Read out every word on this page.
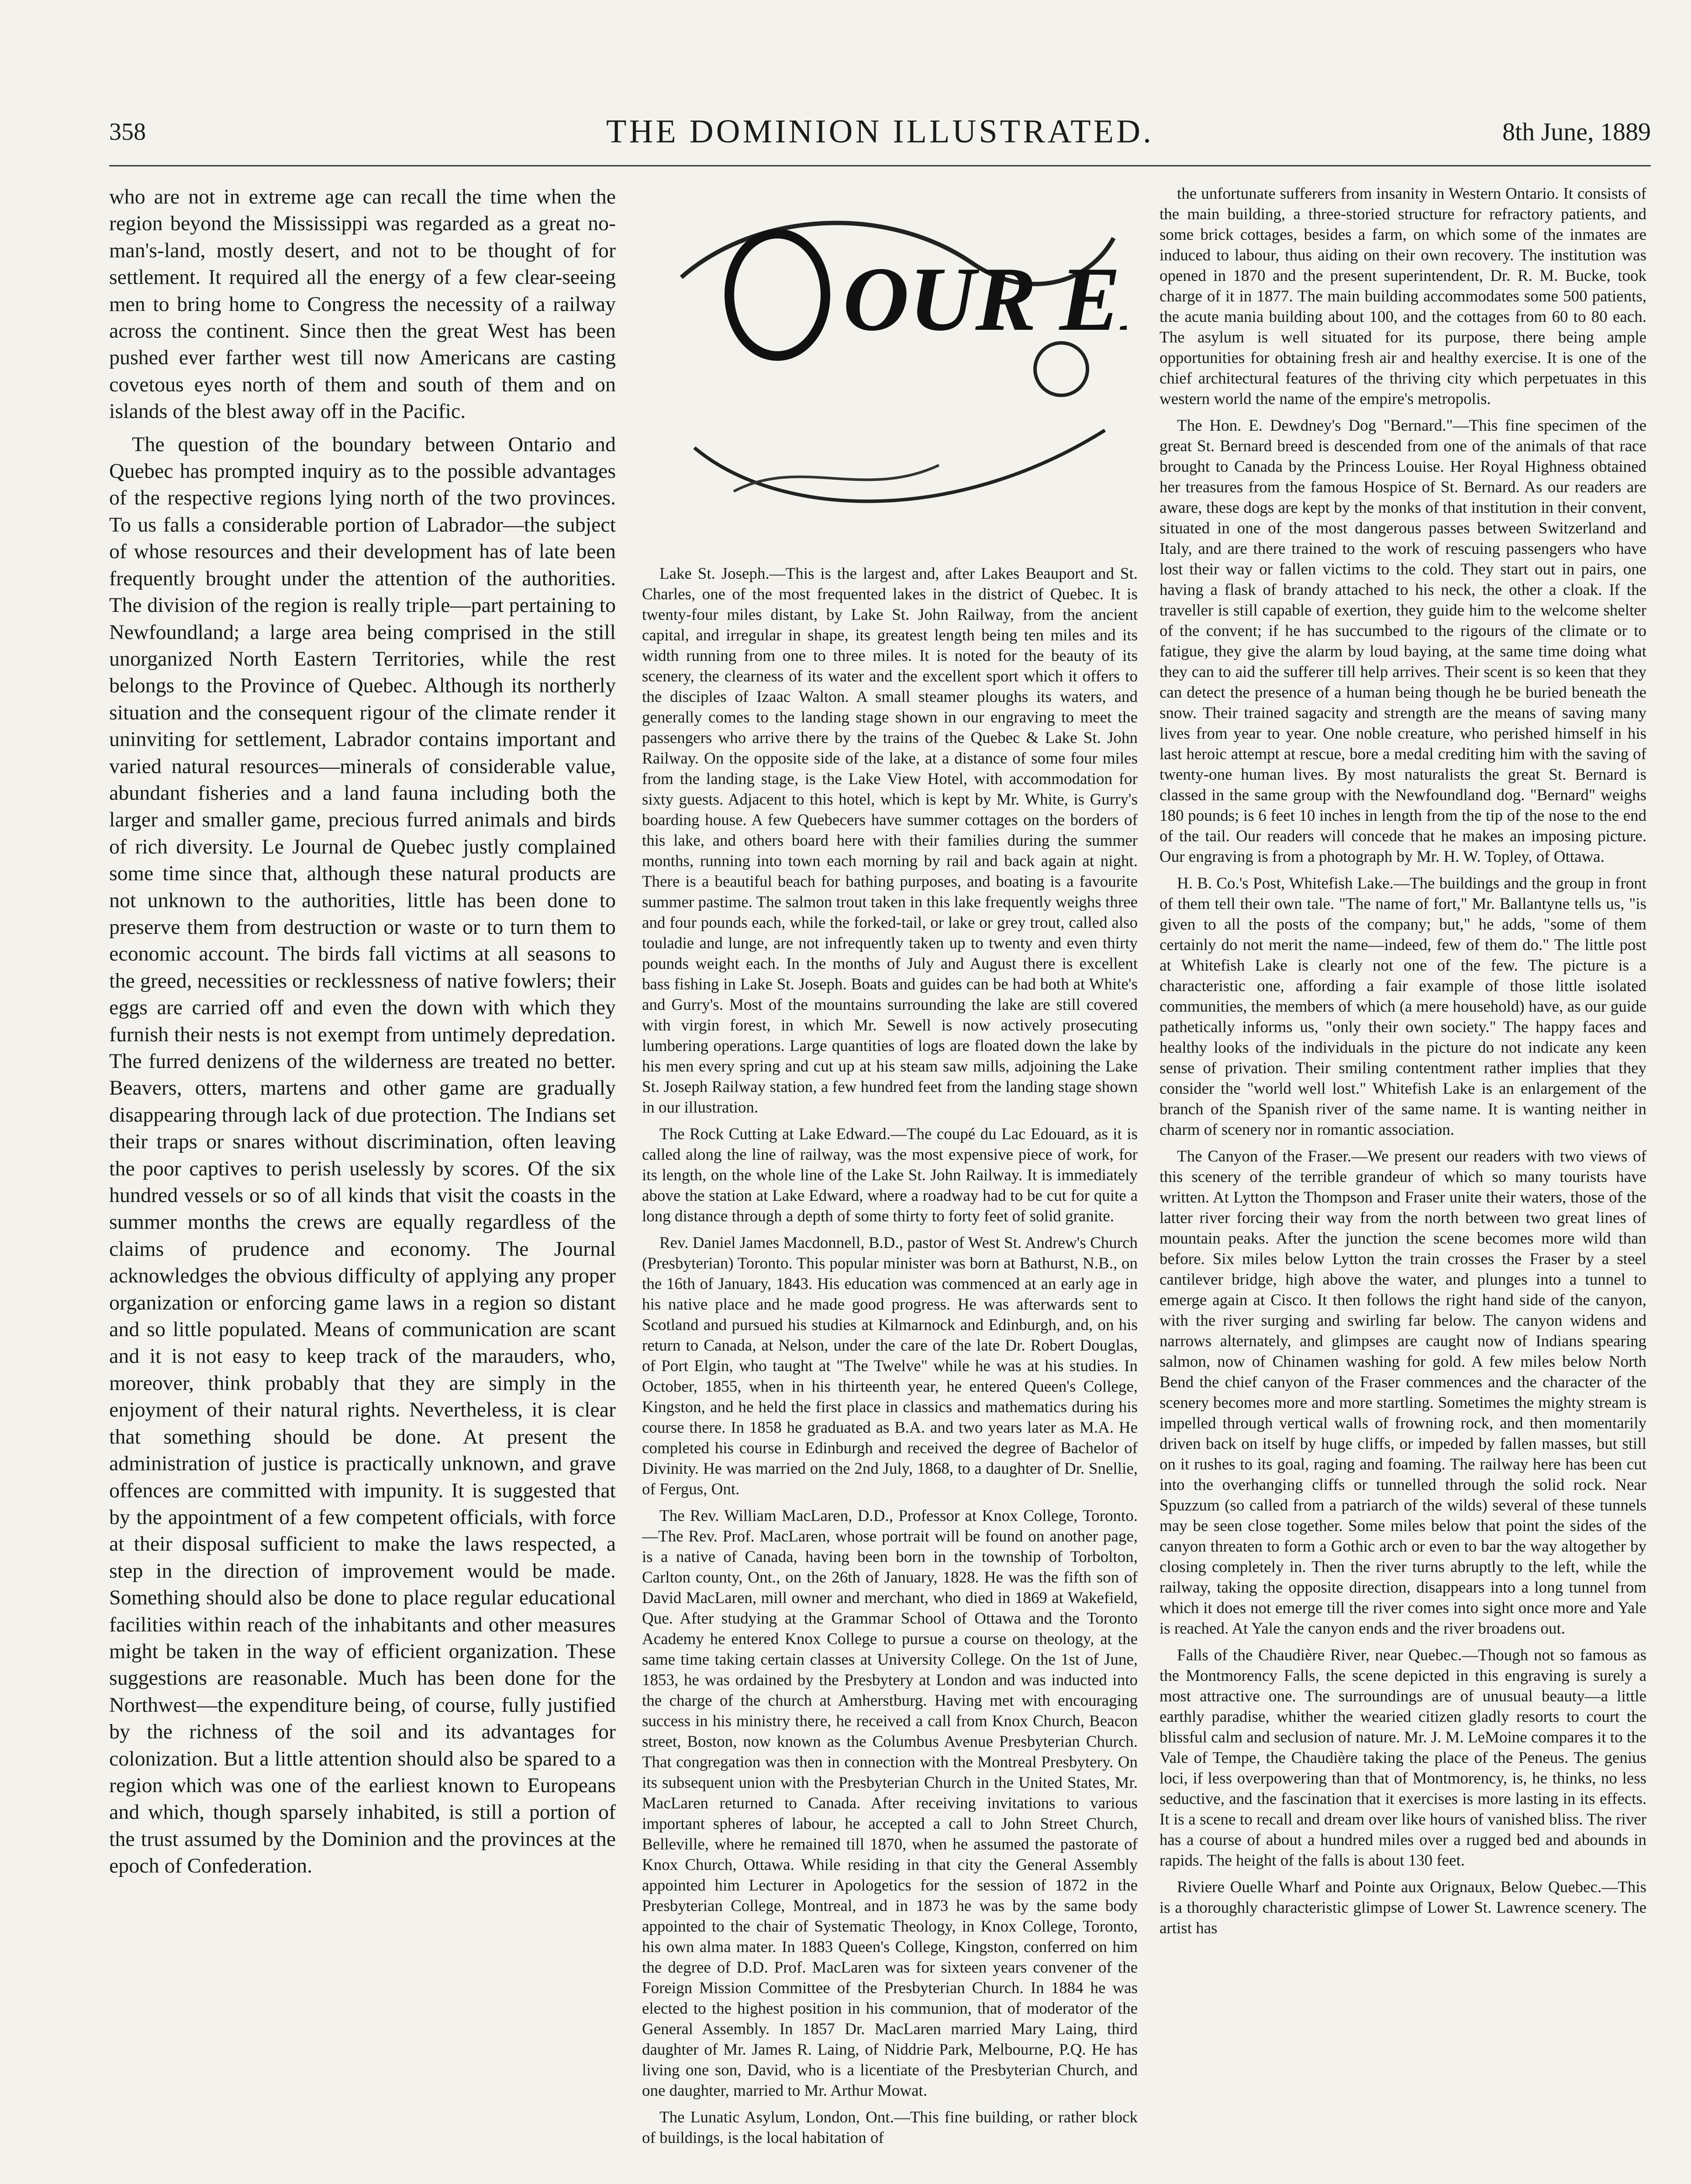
358	THE DOMINION ILLUSTRATED.	8th June, 1889

who are not in extreme age can recall the time when the region beyond the Mississippi was regarded as a great no-man's-land, mostly desert, and not to be thought of for settlement. It required all the energy of a few clear-seeing men to bring home to Congress the necessity of a railway across the continent. Since then the great West has been pushed ever farther west till now Americans are casting covetous eyes north of them and south of them and on islands of the blest away off in the Pacific.

The question of the boundary between Ontario and Quebec has prompted inquiry as to the possible advantages of the respective regions lying north of the two provinces. To us falls a considerable portion of Labrador—the subject of whose resources and their development has of late been frequently brought under the attention of the authorities. The division of the region is really triple—part pertaining to Newfoundland; a large area being comprised in the still unorganized North Eastern Territories, while the rest belongs to the Province of Quebec. Although its northerly situation and the consequent rigour of the climate render it uninviting for settlement, Labrador contains important and varied natural resources—minerals of considerable value, abundant fisheries and a land fauna including both the larger and smaller game, precious furred animals and birds of rich diversity. Le Journal de Quebec justly complained some time since that, although these natural products are not unknown to the authorities, little has been done to preserve them from destruction or waste or to turn them to economic account. The birds fall victims at all seasons to the greed, necessities or recklessness of native fowlers; their eggs are carried off and even the down with which they furnish their nests is not exempt from untimely depredation. The furred denizens of the wilderness are treated no better. Beavers, otters, martens and other game are gradually disappearing through lack of due protection. The Indians set their traps or snares without discrimination, often leaving the poor captives to perish uselessly by scores. Of the six hundred vessels or so of all kinds that visit the coasts in the summer months the crews are equally regardless of the claims of prudence and economy. The Journal acknowledges the obvious difficulty of applying any proper organization or enforcing game laws in a region so distant and so little populated. Means of communication are scant and it is not easy to keep track of the marauders, who, moreover, think probably that they are simply in the enjoyment of their natural rights. Nevertheless, it is clear that something should be done. At present the administration of justice is practically unknown, and grave offences are committed with impunity. It is suggested that by the appointment of a few competent officials, with force at their disposal sufficient to make the laws respected, a step in the direction of improvement would be made. Something should also be done to place regular educational facilities within reach of the inhabitants and other measures might be taken in the way of efficient organization. These suggestions are reasonable. Much has been done for the Northwest—the expenditure being, of course, fully justified by the richness of the soil and its advantages for colonization. But a little attention should also be spared to a region which was one of the earliest known to Europeans and which, though sparsely inhabited, is still a portion of the trust assumed by the Dominion and the provinces at the epoch of Confederation.

OUR E

Lake St. Joseph.—This is the largest and, after Lakes Beauport and St. Charles, one of the most frequented lakes in the district of Quebec. It is twenty-four miles distant, by Lake St. John Railway, from the ancient capital, and irregular in shape, its greatest length being ten miles and its width running from one to three miles. It is noted for the beauty of its scenery, the clearness of its water and the excellent sport which it offers to the disciples of Izaac Walton. A small steamer ploughs its waters, and generally comes to the landing stage shown in our engraving to meet the passengers who arrive there by the trains of the Quebec & Lake St. John Railway. On the opposite side of the lake, at a distance of some four miles from the landing stage, is the Lake View Hotel, with accommodation for sixty guests. Adjacent to this hotel, which is kept by Mr. White, is Gurry's boarding house. A few Quebecers have summer cottages on the borders of this lake, and others board here with their families during the summer months, running into town each morning by rail and back again at night. There is a beautiful beach for bathing purposes, and boating is a favourite summer pastime. The salmon trout taken in this lake frequently weighs three and four pounds each, while the forked-tail, or lake or grey trout, called also touladie and lunge, are not infrequently taken up to twenty and even thirty pounds weight each. In the months of July and August there is excellent bass fishing in Lake St. Joseph. Boats and guides can be had both at White's and Gurry's. Most of the mountains surrounding the lake are still covered with virgin forest, in which Mr. Sewell is now actively prosecuting lumbering operations. Large quantities of logs are floated down the lake by his men every spring and cut up at his steam saw mills, adjoining the Lake St. Joseph Railway station, a few hundred feet from the landing stage shown in our illustration.

The Rock Cutting at Lake Edward.—The coupé du Lac Edouard, as it is called along the line of railway, was the most expensive piece of work, for its length, on the whole line of the Lake St. John Railway. It is immediately above the station at Lake Edward, where a roadway had to be cut for quite a long distance through a depth of some thirty to forty feet of solid granite.

Rev. Daniel James Macdonnell, B.D., pastor of West St. Andrew's Church (Presbyterian) Toronto. This popular minister was born at Bathurst, N.B., on the 16th of January, 1843. His education was commenced at an early age in his native place and he made good progress. He was afterwards sent to Scotland and pursued his studies at Kilmarnock and Edinburgh, and, on his return to Canada, at Nelson, under the care of the late Dr. Robert Douglas, of Port Elgin, who taught at "The Twelve" while he was at his studies. In October, 1855, when in his thirteenth year, he entered Queen's College, Kingston, and he held the first place in classics and mathematics during his course there. In 1858 he graduated as B.A. and two years later as M.A. He completed his course in Edinburgh and received the degree of Bachelor of Divinity. He was married on the 2nd July, 1868, to a daughter of Dr. Snellie, of Fergus, Ont.

The Rev. William MacLaren, D.D., Professor at Knox College, Toronto.—The Rev. Prof. MacLaren, whose portrait will be found on another page, is a native of Canada, having been born in the township of Torbolton, Carlton county, Ont., on the 26th of January, 1828. He was the fifth son of David MacLaren, mill owner and merchant, who died in 1869 at Wakefield, Que. After studying at the Grammar School of Ottawa and the Toronto Academy he entered Knox College to pursue a course on theology, at the same time taking certain classes at University College. On the 1st of June, 1853, he was ordained by the Presbytery at London and was inducted into the charge of the church at Amherstburg. Having met with encouraging success in his ministry there, he received a call from Knox Church, Beacon street, Boston, now known as the Columbus Avenue Presbyterian Church. That congregation was then in connection with the Montreal Presbytery. On its subsequent union with the Presbyterian Church in the United States, Mr. MacLaren returned to Canada. After receiving invitations to various important spheres of labour, he accepted a call to John Street Church, Belleville, where he remained till 1870, when he assumed the pastorate of Knox Church, Ottawa. While residing in that city the General Assembly appointed him Lecturer in Apologetics for the session of 1872 in the Presbyterian College, Montreal, and in 1873 he was by the same body appointed to the chair of Systematic Theology, in Knox College, Toronto, his own alma mater. In 1883 Queen's College, Kingston, conferred on him the degree of D.D. Prof. MacLaren was for sixteen years convener of the Foreign Mission Committee of the Presbyterian Church. In 1884 he was elected to the highest position in his communion, that of moderator of the General Assembly. In 1857 Dr. MacLaren married Mary Laing, third daughter of Mr. James R. Laing, of Niddrie Park, Melbourne, P.Q. He has living one son, David, who is a licentiate of the Presbyterian Church, and one daughter, married to Mr. Arthur Mowat.

The Lunatic Asylum, London, Ont.—This fine building, or rather block of buildings, is the local habitation of

the unfortunate sufferers from insanity in Western Ontario. It consists of the main building, a three-storied structure for refractory patients, and some brick cottages, besides a farm, on which some of the inmates are induced to labour, thus aiding on their own recovery. The institution was opened in 1870 and the present superintendent, Dr. R. M. Bucke, took charge of it in 1877. The main building accommodates some 500 patients, the acute mania building about 100, and the cottages from 60 to 80 each. The asylum is well situated for its purpose, there being ample opportunities for obtaining fresh air and healthy exercise. It is one of the chief architectural features of the thriving city which perpetuates in this western world the name of the empire's metropolis.

The Hon. E. Dewdney's Dog "Bernard."—This fine specimen of the great St. Bernard breed is descended from one of the animals of that race brought to Canada by the Princess Louise. Her Royal Highness obtained her treasures from the famous Hospice of St. Bernard. As our readers are aware, these dogs are kept by the monks of that institution in their convent, situated in one of the most dangerous passes between Switzerland and Italy, and are there trained to the work of rescuing passengers who have lost their way or fallen victims to the cold. They start out in pairs, one having a flask of brandy attached to his neck, the other a cloak. If the traveller is still capable of exertion, they guide him to the welcome shelter of the convent; if he has succumbed to the rigours of the climate or to fatigue, they give the alarm by loud baying, at the same time doing what they can to aid the sufferer till help arrives. Their scent is so keen that they can detect the presence of a human being though he be buried beneath the snow. Their trained sagacity and strength are the means of saving many lives from year to year. One noble creature, who perished himself in his last heroic attempt at rescue, bore a medal crediting him with the saving of twenty-one human lives. By most naturalists the great St. Bernard is classed in the same group with the Newfoundland dog. "Bernard" weighs 180 pounds; is 6 feet 10 inches in length from the tip of the nose to the end of the tail. Our readers will concede that he makes an imposing picture. Our engraving is from a photograph by Mr. H. W. Topley, of Ottawa.

H. B. Co.'s Post, Whitefish Lake.—The buildings and the group in front of them tell their own tale. "The name of fort," Mr. Ballantyne tells us, "is given to all the posts of the company; but," he adds, "some of them certainly do not merit the name—indeed, few of them do." The little post at Whitefish Lake is clearly not one of the few. The picture is a characteristic one, affording a fair example of those little isolated communities, the members of which (a mere household) have, as our guide pathetically informs us, "only their own society." The happy faces and healthy looks of the individuals in the picture do not indicate any keen sense of privation. Their smiling contentment rather implies that they consider the "world well lost." Whitefish Lake is an enlargement of the branch of the Spanish river of the same name. It is wanting neither in charm of scenery nor in romantic association.

The Canyon of the Fraser.—We present our readers with two views of this scenery of the terrible grandeur of which so many tourists have written. At Lytton the Thompson and Fraser unite their waters, those of the latter river forcing their way from the north between two great lines of mountain peaks. After the junction the scene becomes more wild than before. Six miles below Lytton the train crosses the Fraser by a steel cantilever bridge, high above the water, and plunges into a tunnel to emerge again at Cisco. It then follows the right hand side of the canyon, with the river surging and swirling far below. The canyon widens and narrows alternately, and glimpses are caught now of Indians spearing salmon, now of Chinamen washing for gold. A few miles below North Bend the chief canyon of the Fraser commences and the character of the scenery becomes more and more startling. Sometimes the mighty stream is impelled through vertical walls of frowning rock, and then momentarily driven back on itself by huge cliffs, or impeded by fallen masses, but still on it rushes to its goal, raging and foaming. The railway here has been cut into the overhanging cliffs or tunnelled through the solid rock. Near Spuzzum (so called from a patriarch of the wilds) several of these tunnels may be seen close together. Some miles below that point the sides of the canyon threaten to form a Gothic arch or even to bar the way altogether by closing completely in. Then the river turns abruptly to the left, while the railway, taking the opposite direction, disappears into a long tunnel from which it does not emerge till the river comes into sight once more and Yale is reached. At Yale the canyon ends and the river broadens out.

Falls of the Chaudière River, near Quebec.—Though not so famous as the Montmorency Falls, the scene depicted in this engraving is surely a most attractive one. The surroundings are of unusual beauty—a little earthly paradise, whither the wearied citizen gladly resorts to court the blissful calm and seclusion of nature. Mr. J. M. LeMoine compares it to the Vale of Tempe, the Chaudière taking the place of the Peneus. The genius loci, if less overpowering than that of Montmorency, is, he thinks, no less seductive, and the fascination that it exercises is more lasting in its effects. It is a scene to recall and dream over like hours of vanished bliss. The river has a course of about a hundred miles over a rugged bed and abounds in rapids. The height of the falls is about 130 feet.

Riviere Ouelle Wharf and Pointe aux Orignaux, Below Quebec.—This is a thoroughly characteristic glimpse of Lower St. Lawrence scenery. The artist has
